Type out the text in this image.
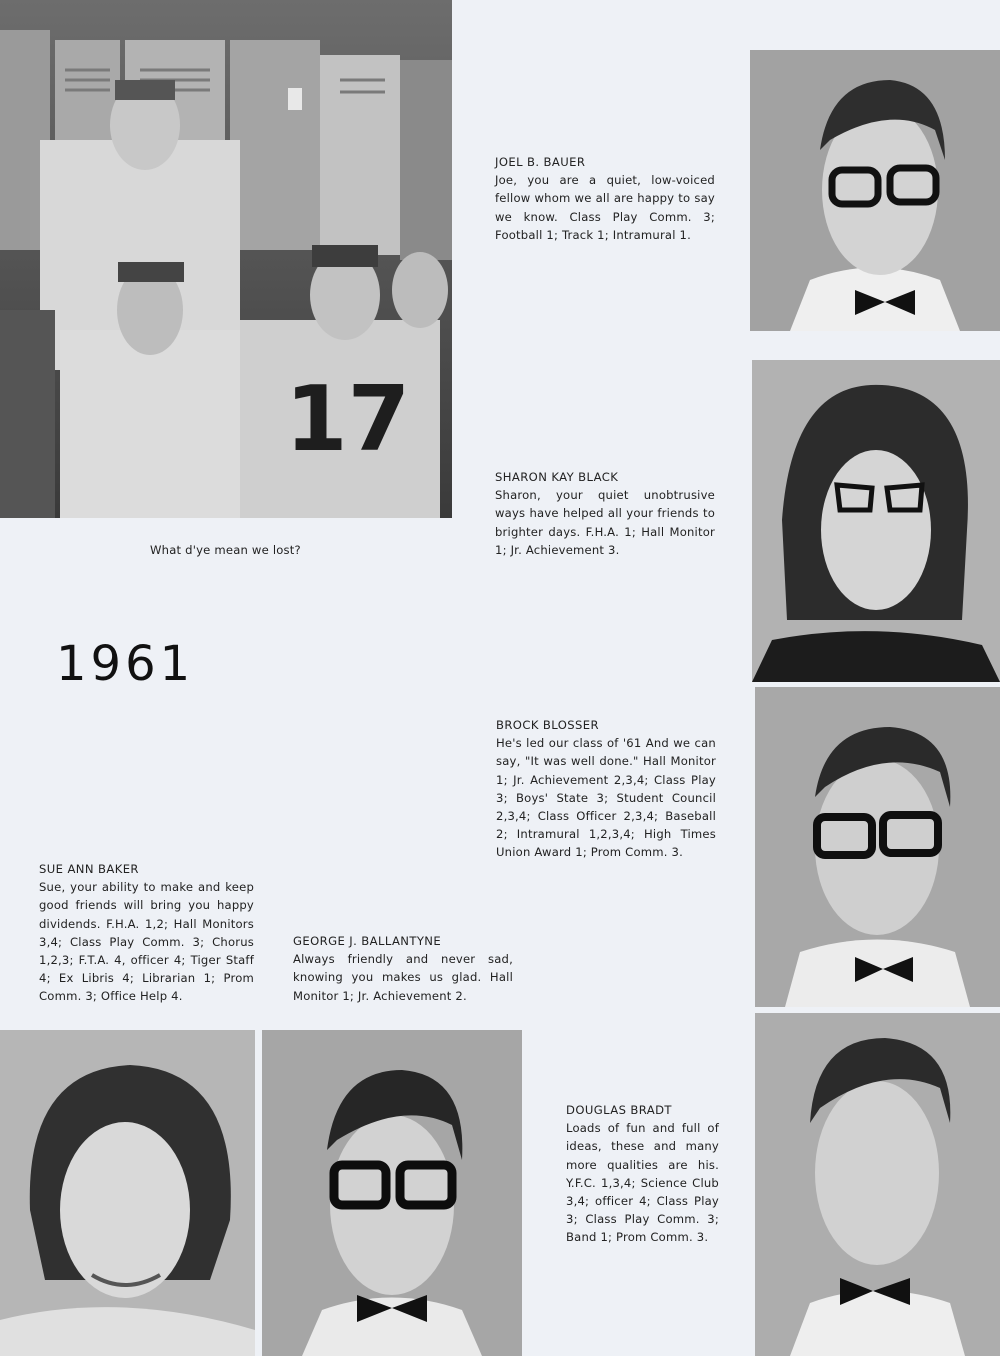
17
What d'ye mean we lost?
1961
JOEL B. BAUER
Joe, you are a quiet, low-voiced fellow whom we all are happy to say we know. Class Play Comm. 3; Football 1; Track 1; Intramural 1.
SHARON KAY BLACK
Sharon, your quiet unobtrusive ways have helped all your friends to brighter days. F.H.A. 1; Hall Monitor 1; Jr. Achievement 3.
BROCK BLOSSER
He's led our class of '61 And we can say, "It was well done." Hall Monitor 1; Jr. Achievement 2,3,4; Class Play 3; Boys' State 3; Student Council 2,3,4; Class Officer 2,3,4; Baseball 2; Intramural 1,2,3,4; High Times Union Award 1; Prom Comm. 3.
SUE ANN BAKER
Sue, your ability to make and keep good friends will bring you happy dividends. F.H.A. 1,2; Hall Monitors 3,4; Class Play Comm. 3; Chorus 1,2,3; F.T.A. 4, officer 4; Tiger Staff 4; Ex Libris 4; Librarian 1; Prom Comm. 3; Office Help 4.
GEORGE J. BALLANTYNE
Always friendly and never sad, knowing you makes us glad. Hall Monitor 1; Jr. Achievement 2.
DOUGLAS BRADT
Loads of fun and full of ideas, these and many more qualities are his. Y.F.C. 1,3,4; Science Club 3,4; officer 4; Class Play 3; Class Play Comm. 3; Band 1; Prom Comm. 3.
